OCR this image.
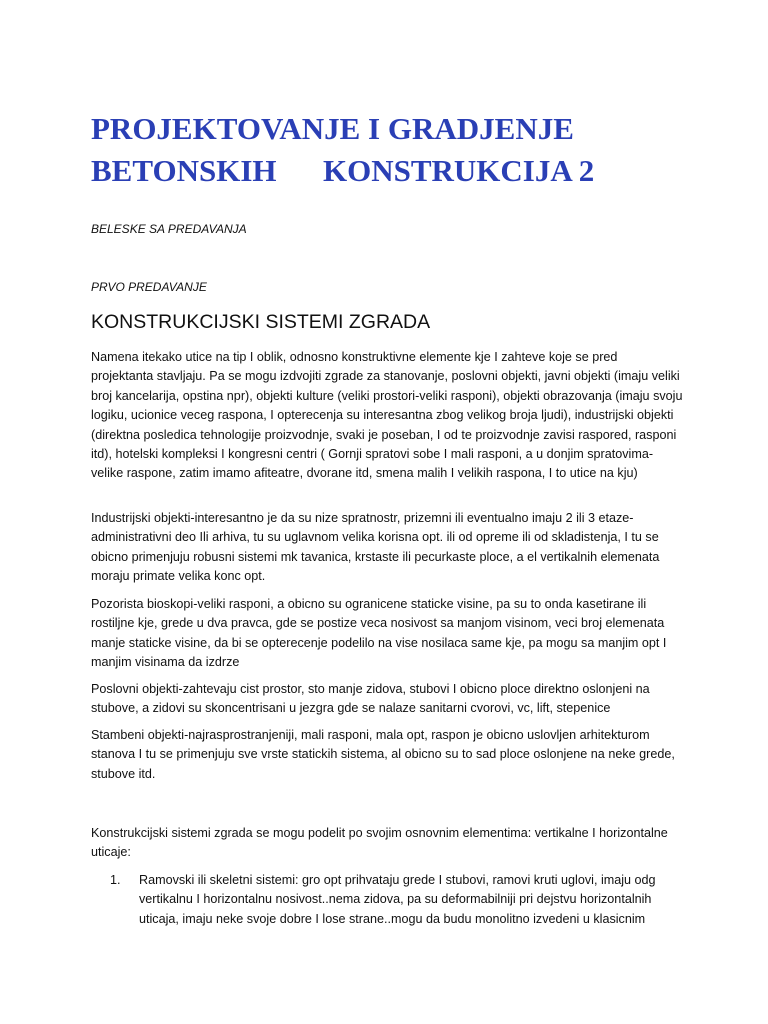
PROJEKTOVANJE I GRADJENJE
BETONSKIH      KONSTRUKCIJA 2
BELESKE SA PREDAVANJA
PRVO PREDAVANJE
KONSTRUKCIJSKI SISTEMI ZGRADA

Namena itekako utice na tip I oblik, odnosno konstruktivne elemente kje I zahteve koje se pred projektanta stavljaju. Pa se mogu izdvojiti zgrade za stanovanje, poslovni objekti, javni objekti (imaju veliki broj kancelarija, opstina npr), objekti kulture (veliki prostori-veliki rasponi), objekti obrazovanja (imaju svoju logiku, ucionice veceg raspona, I opterecenja su interesantna zbog velikog broja ljudi), industrijski objekti (direktna posledica tehnologije proizvodnje, svaki je poseban, I od te proizvodnje zavisi raspored, rasponi itd), hotelski kompleksi I kongresni centri ( Gornji spratovi sobe I mali rasponi, a u donjim spratovima-velike raspone, zatim imamo afiteatre, dvorane itd, smena malih I velikih raspona, I to utice na kju)

Industrijski objekti-interesantno je da su nize spratnostr, prizemni ili eventualno imaju 2 ili 3 etaze-administrativni deo Ili arhiva, tu su uglavnom velika korisna opt. ili od opreme ili od skladistenja, I tu se obicno primenjuju robusni sistemi mk tavanica, krstaste ili pecurkaste ploce, a el vertikalnih elemenata moraju primate velika konc opt.

Pozorista bioskopi-veliki rasponi, a obicno su ogranicene staticke visine, pa su to onda kasetirane ili rostiljne kje, grede u dva pravca, gde se postize veca nosivost sa manjom visinom, veci broj elemenata manje staticke visine, da bi se opterecenje podelilo na vise nosilaca same kje, pa mogu sa manjim opt I manjim visinama da izdrze

Poslovni objekti-zahtevaju cist prostor, sto manje zidova, stubovi I obicno ploce direktno oslonjeni na stubove, a zidovi su skoncentrisani u jezgra gde se nalaze sanitarni cvorovi, vc, lift, stepenice

Stambeni objekti-najrasprostranjeniji, mali rasponi, mala opt, raspon je obicno uslovljen arhitekturom stanova I tu se primenjuju sve vrste statickih sistema, al obicno su to sad ploce oslonjene na neke grede, stubove itd.

Konstrukcijski sistemi zgrada se mogu podelit po svojim osnovnim elementima: vertikalne I horizontalne uticaje:

1.	Ramovski ili skeletni sistemi: gro opt prihvataju grede I stubovi, ramovi kruti uglovi, imaju odg vertikalnu I horizontalnu nosivost..nema zidova, pa su deformabilniji pri dejstvu horizontalnih uticaja, imaju neke svoje dobre I lose strane..mogu da budu monolitno izvedeni u klasicnim
